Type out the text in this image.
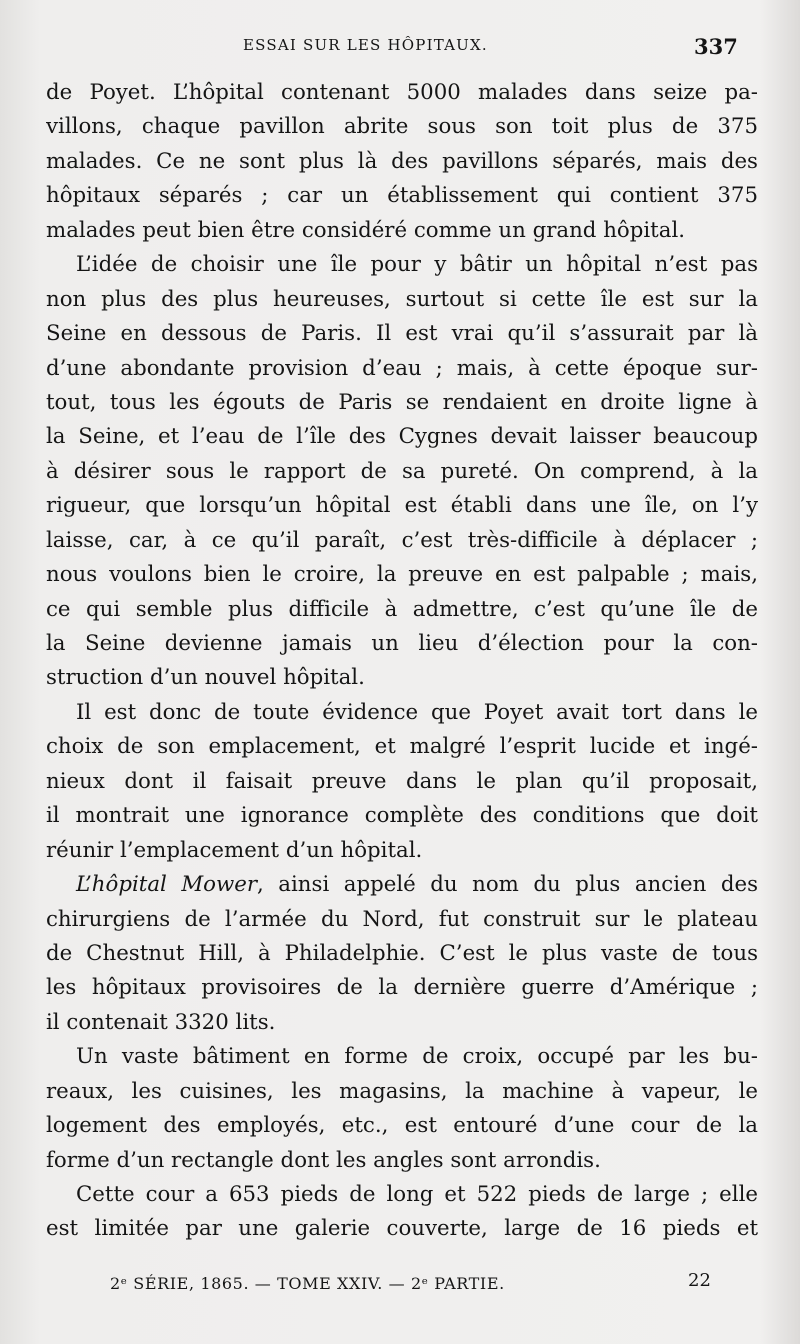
ESSAI SUR LES HÔPITAUX.	337
de Poyet. L’hôpital contenant 5000 malades dans seize pa-
villons, chaque pavillon abrite sous son toit plus de 375
malades. Ce ne sont plus là des pavillons séparés, mais des
hôpitaux séparés ; car un établissement qui contient 375
malades peut bien être considéré comme un grand hôpital.
L’idée de choisir une île pour y bâtir un hôpital n’est pas
non plus des plus heureuses, surtout si cette île est sur la
Seine en dessous de Paris. Il est vrai qu’il s’assurait par là
d’une abondante provision d’eau ; mais, à cette époque sur-
tout, tous les égouts de Paris se rendaient en droite ligne à
la Seine, et l’eau de l’île des Cygnes devait laisser beaucoup
à désirer sous le rapport de sa pureté. On comprend, à la
rigueur, que lorsqu’un hôpital est établi dans une île, on l’y
laisse, car, à ce qu’il paraît, c’est très-difficile à déplacer ;
nous voulons bien le croire, la preuve en est palpable ; mais,
ce qui semble plus difficile à admettre, c’est qu’une île de
la Seine devienne jamais un lieu d’élection pour la con-
struction d’un nouvel hôpital.
Il est donc de toute évidence que Poyet avait tort dans le
choix de son emplacement, et malgré l’esprit lucide et ingé-
nieux dont il faisait preuve dans le plan qu’il proposait,
il montrait une ignorance complète des conditions que doit
réunir l’emplacement d’un hôpital.
L’hôpital Mower, ainsi appelé du nom du plus ancien des
chirurgiens de l’armée du Nord, fut construit sur le plateau
de Chestnut Hill, à Philadelphie. C’est le plus vaste de tous
les hôpitaux provisoires de la dernière guerre d’Amérique ;
il contenait 3320 lits.
Un vaste bâtiment en forme de croix, occupé par les bu-
reaux, les cuisines, les magasins, la machine à vapeur, le
logement des employés, etc., est entouré d’une cour de la
forme d’un rectangle dont les angles sont arrondis.
Cette cour a 653 pieds de long et 522 pieds de large ; elle
est limitée par une galerie couverte, large de 16 pieds et
2ᵉ SÉRIE, 1865. — TOME XXIV. — 2ᵉ PARTIE.	22
